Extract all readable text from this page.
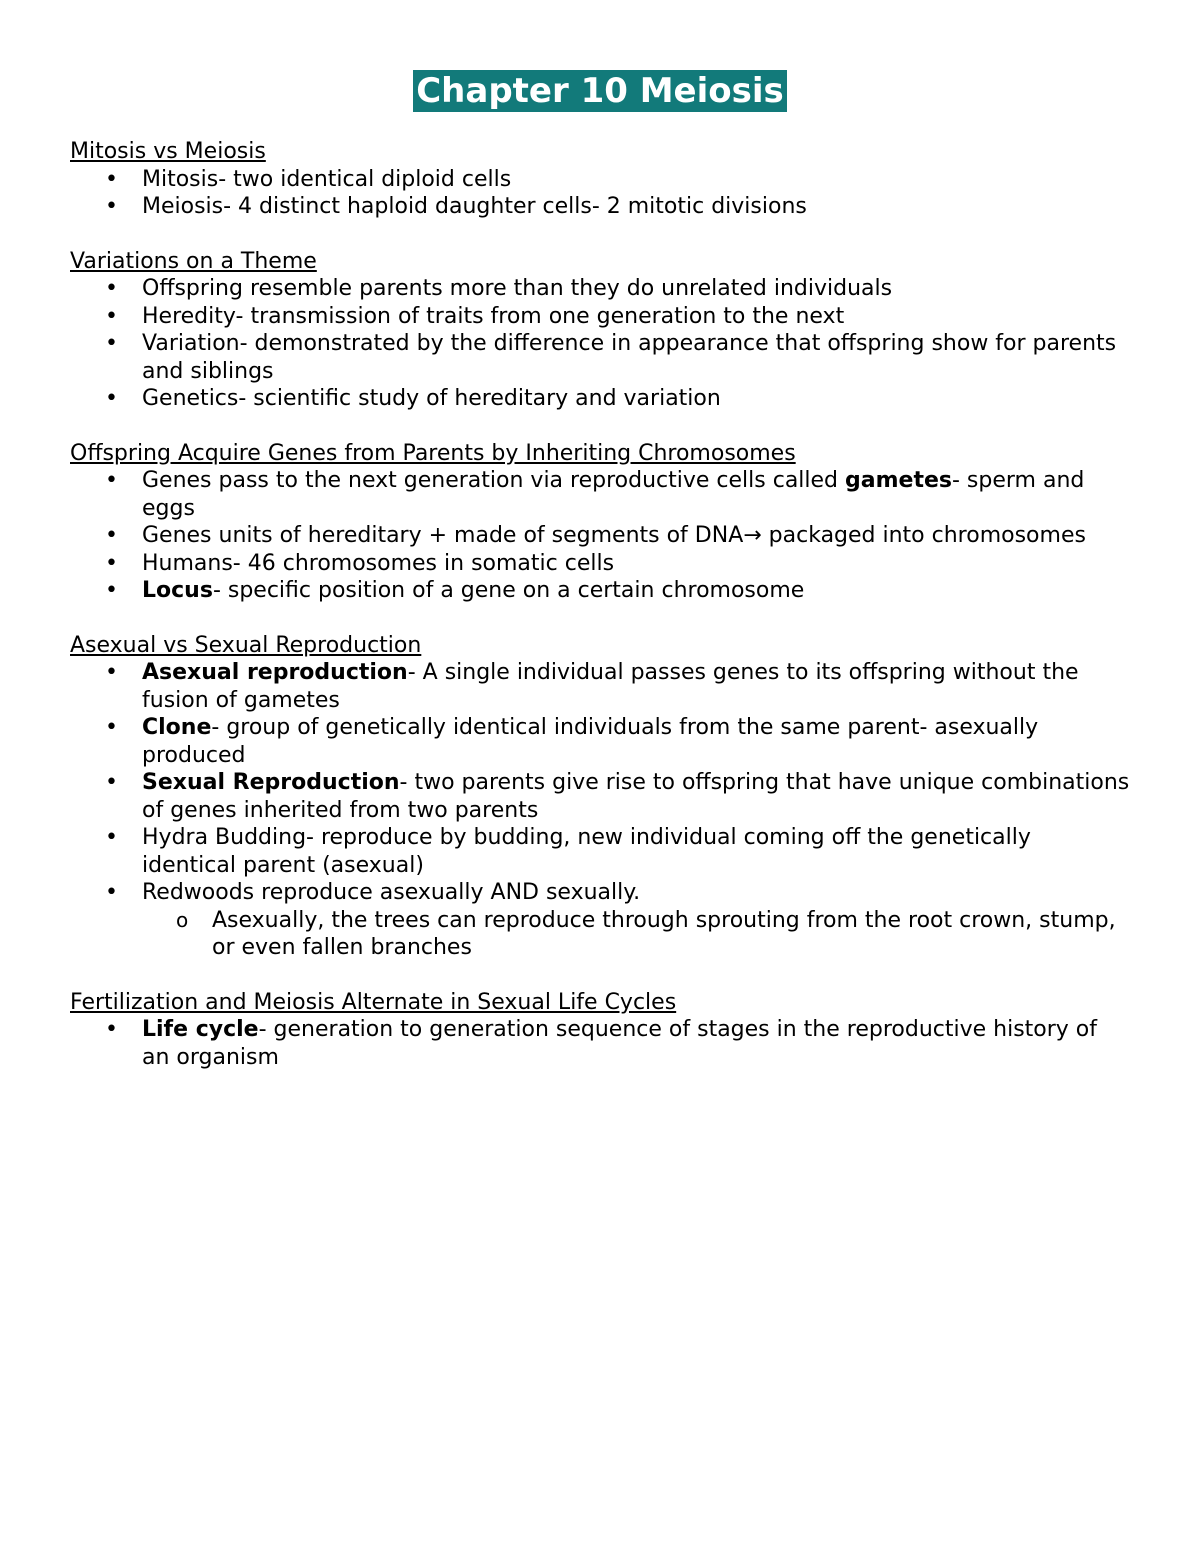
Chapter 10 Meiosis

Mitosis vs Meiosis

• Mitosis- two identical diploid cells
• Meiosis- 4 distinct haploid daughter cells- 2 mitotic divisions

Variations on a Theme

• Offspring resemble parents more than they do unrelated individuals
• Heredity- transmission of traits from one generation to the next
• Variation- demonstrated by the difference in appearance that offspring show for parents and siblings
• Genetics- scientific study of hereditary and variation

Offspring Acquire Genes from Parents by Inheriting Chromosomes

• Genes pass to the next generation via reproductive cells called gametes- sperm and eggs
• Genes units of hereditary + made of segments of DNA→ packaged into chromosomes
• Humans- 46 chromosomes in somatic cells
• Locus- specific position of a gene on a certain chromosome

Asexual vs Sexual Reproduction

• Asexual reproduction- A single individual passes genes to its offspring without the fusion of gametes
• Clone- group of genetically identical individuals from the same parent- asexually produced
• Sexual Reproduction- two parents give rise to offspring that have unique combinations of genes inherited from two parents
• Hydra Budding- reproduce by budding, new individual coming off the genetically identical parent (asexual)
• Redwoods reproduce asexually AND sexually.
o Asexually, the trees can reproduce through sprouting from the root crown, stump, or even fallen branches

Fertilization and Meiosis Alternate in Sexual Life Cycles

• Life cycle- generation to generation sequence of stages in the reproductive history of an organism
